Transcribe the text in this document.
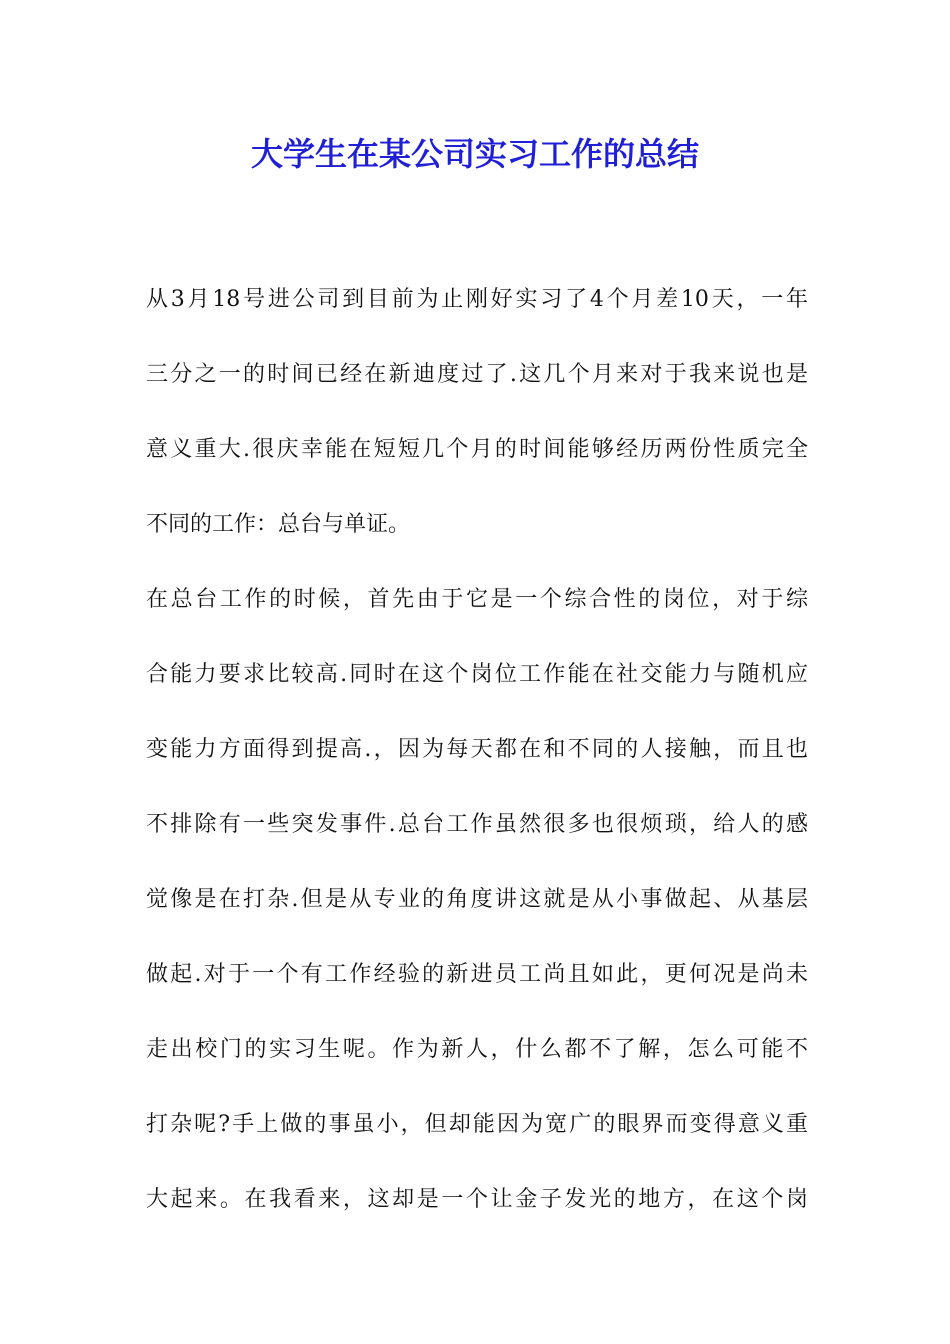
大学生在某公司实习工作的总结
从3月18号进公司到目前为止刚好实习了4个月差10天，一年
三分之一的时间已经在新迪度过了.这几个月来对于我来说也是
意义重大.很庆幸能在短短几个月的时间能够经历两份性质完全
不同的工作：总台与单证。
在总台工作的时候，首先由于它是一个综合性的岗位，对于综
合能力要求比较高.同时在这个岗位工作能在社交能力与随机应
变能力方面得到提高.，因为每天都在和不同的人接触，而且也
不排除有一些突发事件.总台工作虽然很多也很烦琐，给人的感
觉像是在打杂.但是从专业的角度讲这就是从小事做起、从基层
做起.对于一个有工作经验的新进员工尚且如此，更何况是尚未
走出校门的实习生呢。作为新人，什么都不了解，怎么可能不
打杂呢?手上做的事虽小，但却能因为宽广的眼界而变得意义重
大起来。在我看来，这却是一个让金子发光的地方，在这个岗
